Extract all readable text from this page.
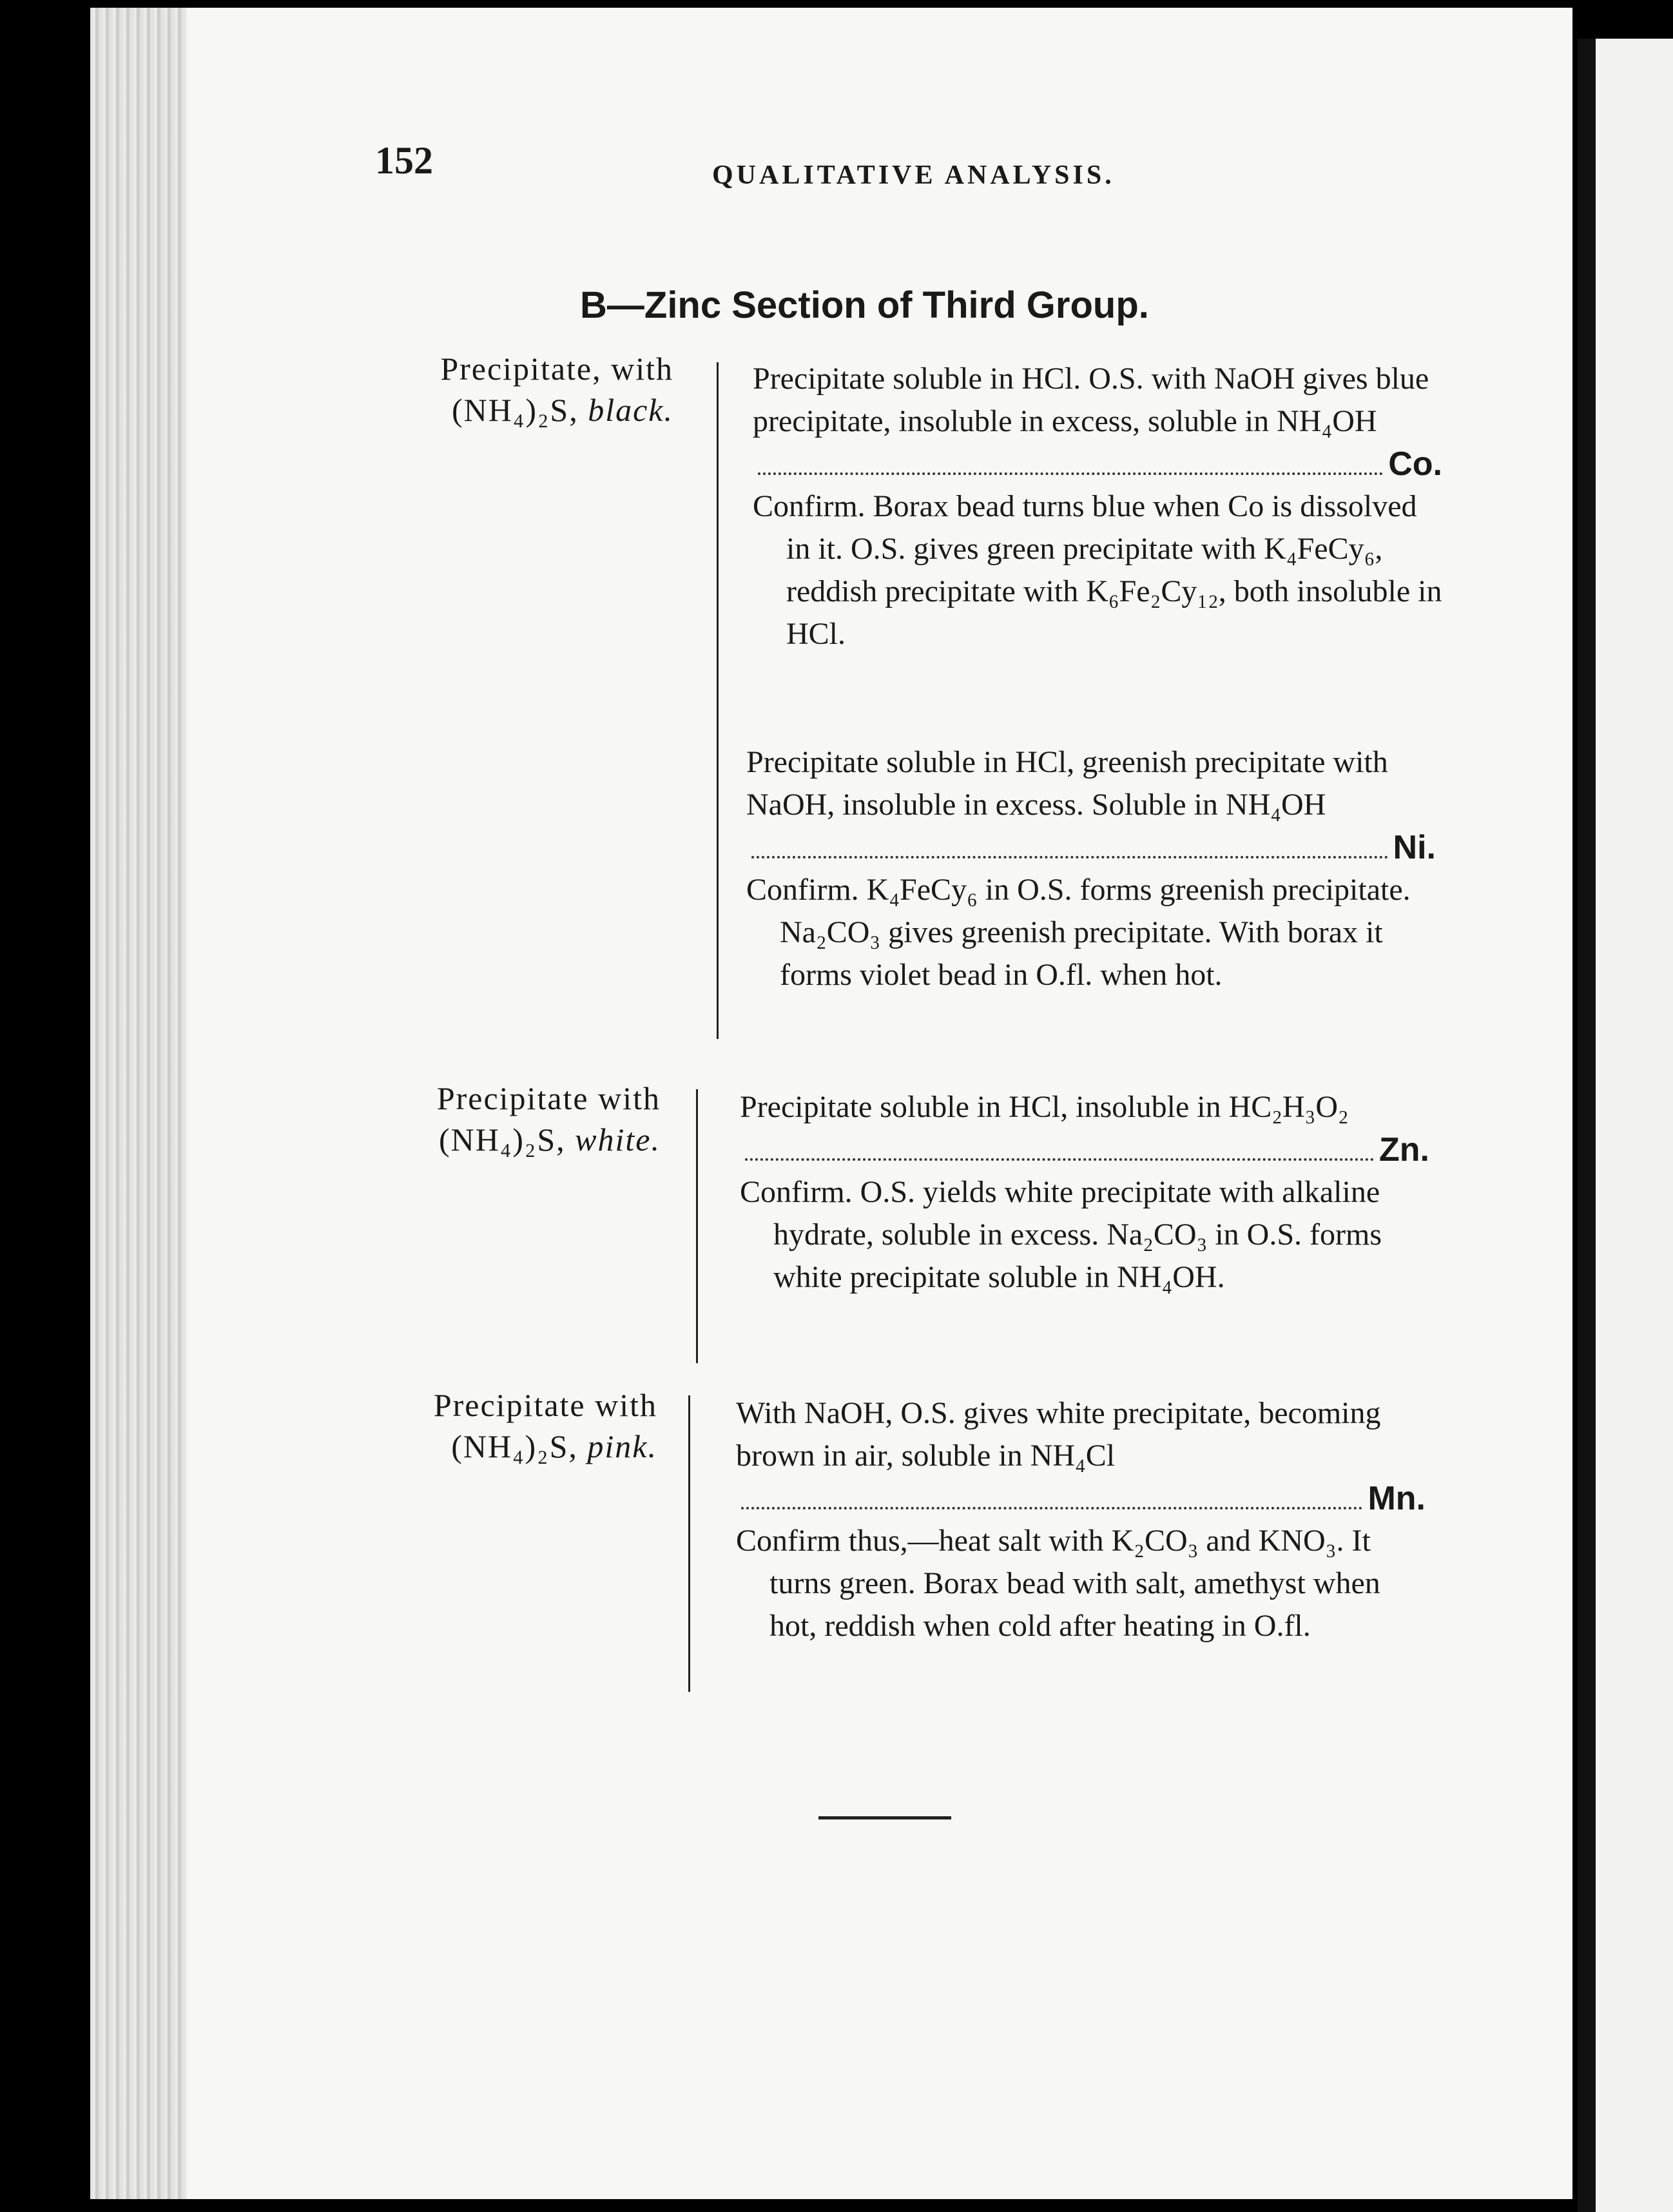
152	QUALITATIVE ANALYSIS.
B—Zinc Section of Third Group.
Precipitate, with
(NH₄)₂S, black.
Precipitate soluble in HCl. O.S. with NaOH gives blue precipitate, insoluble in excess, soluble in NH₄OH
Co.
Confirm. Borax bead turns blue when Co is dissolved in it. O.S. gives green precipitate with K₄FeCy₆, reddish precipitate with K₆Fe₂Cy₁₂, both insoluble in HCl.
Precipitate soluble in HCl, greenish precipitate with NaOH, insoluble in excess. Soluble in NH₄OH
Ni.
Confirm. K₄FeCy₆ in O.S. forms greenish precipitate. Na₂CO₃ gives greenish precipitate. With borax it forms violet bead in O.fl. when hot.
Precipitate with
(NH₄)₂S, white.
Precipitate soluble in HCl, insoluble in HC₂H₃O₂
Zn.
Confirm. O.S. yields white precipitate with alkaline hydrate, soluble in excess. Na₂CO₃ in O.S. forms white precipitate soluble in NH₄OH.
Precipitate with
(NH₄)₂S, pink.
With NaOH, O.S. gives white precipitate, becoming brown in air, soluble in NH₄Cl
Mn.
Confirm thus,—heat salt with K₂CO₃ and KNO₃. It turns green. Borax bead with salt, amethyst when hot, reddish when cold after heating in O.fl.
